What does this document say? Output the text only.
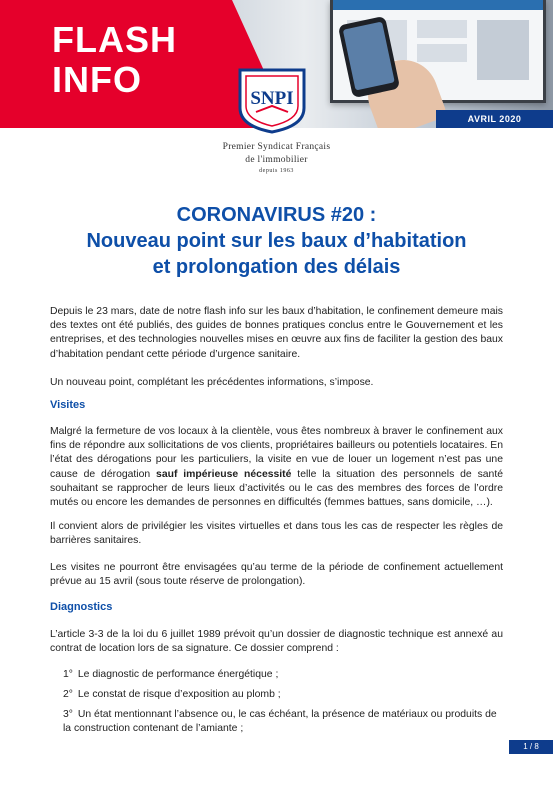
FLASH
INFO
AVRIL 2020
SNPI
Premier Syndicat Français
de l'immobilier
depuis 1963
CORONAVIRUS #20 :
Nouveau point sur les baux d’habitation
et prolongation des délais

Depuis le 23 mars, date de notre flash info sur les baux d’habitation, le confinement demeure mais des textes ont été publiés, des guides de bonnes pratiques conclus entre le Gouvernement et les entreprises, et des technologies nouvelles mises en œuvre aux fins de faciliter la gestion des baux d’habitation pendant cette période d’urgence sanitaire.

Un nouveau point, complétant les précédentes informations, s’impose.

Visites

Malgré la fermeture de vos locaux à la clientèle, vous êtes nombreux à braver le confinement aux fins de répondre aux sollicitations de vos clients, propriétaires bailleurs ou potentiels locataires. En l’état des dérogations pour les particuliers, la visite en vue de louer un logement n’est pas une cause de dérogation sauf impérieuse nécessité telle la situation des personnels de santé souhaitant se rapprocher de leurs lieux d’activités ou le cas des membres des forces de l’ordre mutés ou encore les demandes de personnes en difficultés (femmes battues, sans domicile, …).

Il convient alors de privilégier les visites virtuelles et dans tous les cas de respecter les règles de barrières sanitaires.

Les visites ne pourront être envisagées qu’au terme de la période de confinement actuellement prévue au 15 avril (sous toute réserve de prolongation).

Diagnostics

L’article 3-3 de la loi du 6 juillet 1989 prévoit qu’un dossier de diagnostic technique est annexé au contrat de location lors de sa signature. Ce dossier comprend :

1° Le diagnostic de performance énergétique ;
2° Le constat de risque d’exposition au plomb ;
3° Un état mentionnant l’absence ou, le cas échéant, la présence de matériaux ou produits de la construction contenant de l’amiante ;
1 / 8
